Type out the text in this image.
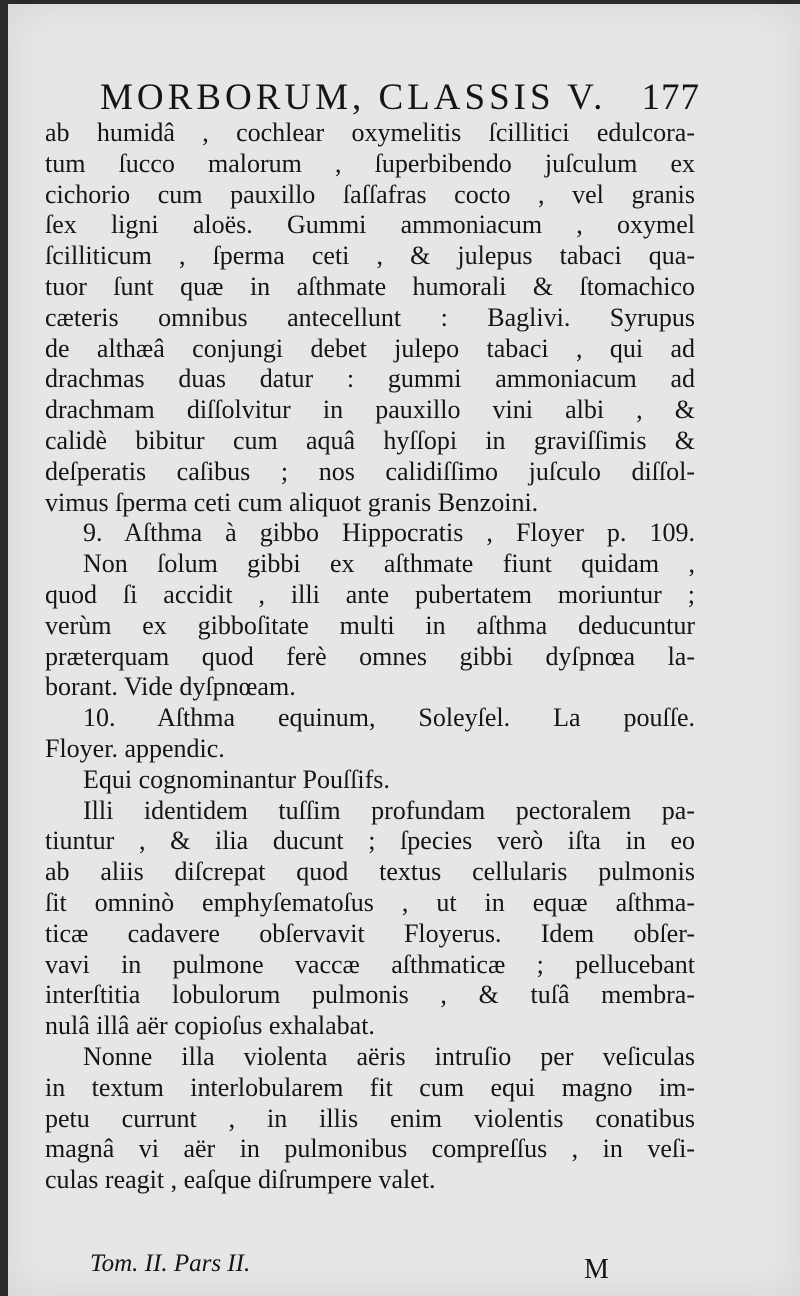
MORBORUM, CLASSIS V. 177
ab humidâ , cochlear oxymelitis ſcillitici edulcora-
tum ſucco malorum , ſuperbibendo juſculum ex
cichorio cum pauxillo ſaſſafras coctо , vel granis
ſex ligni aloës. Gummi ammoniacum , oxymel
ſcilliticum , ſperma ceti , & julepus tabaci qua-
tuor ſunt quæ in aſthmate humorali & ſtomachico
cæteris omnibus antecellunt : Baglivi. Syrupus
de althæâ conjungi debet julepo tabaci , qui ad
drachmas duas datur : gummi ammoniacum ad
drachmam diſſolvitur in pauxillo vini albi , &
calidè bibitur cum aquâ hyſſopi in graviſſimis &
deſperatis caſibus ; nos calidiſſimo juſculo diſſol-
vimus ſperma ceti cum aliquot granis Benzoini.
9. Aſthma à gibbo Hippocratis , Floyer p. 109.
Non ſolum gibbi ex aſthmate fiunt quidam ,
quod ſi accidit , illi ante pubertatem moriuntur ;
verùm ex gibboſitate multi in aſthma deducuntur
præterquam quod ferè omnes gibbi dyſpnœa la-
borant. Vide dyſpnœam.
10. Aſthma equinum, Soleyſel. La pouſſe.
Floyer. appendic.
Equi cognominantur Pouſſifs.
Illi identidem tuſſim profundam pectoralem pa-
tiuntur , & ilia ducunt ; ſpecies verò iſta in eo
ab aliis diſcrepat quod textus cellularis pulmonis
ſit omninò emphyſematoſus , ut in equæ aſthma-
ticæ cadavere obſervavit Floyerus. Idem obſer-
vavi in pulmone vaccæ aſthmaticæ ; pellucebant
interſtitia lobulorum pulmonis , & tuſâ membra-
nulâ illâ aër copioſus exhalabat.
Nonne illa violenta aëris intruſio per veſiculas
in textum interlobularem fit cum equi magno im-
petu currunt , in illis enim violentis conatibus
magnâ vi aër in pulmonibus compreſſus , in veſi-
culas reagit , eaſque diſrumpere valet.
Tom. II. Pars II.	M
